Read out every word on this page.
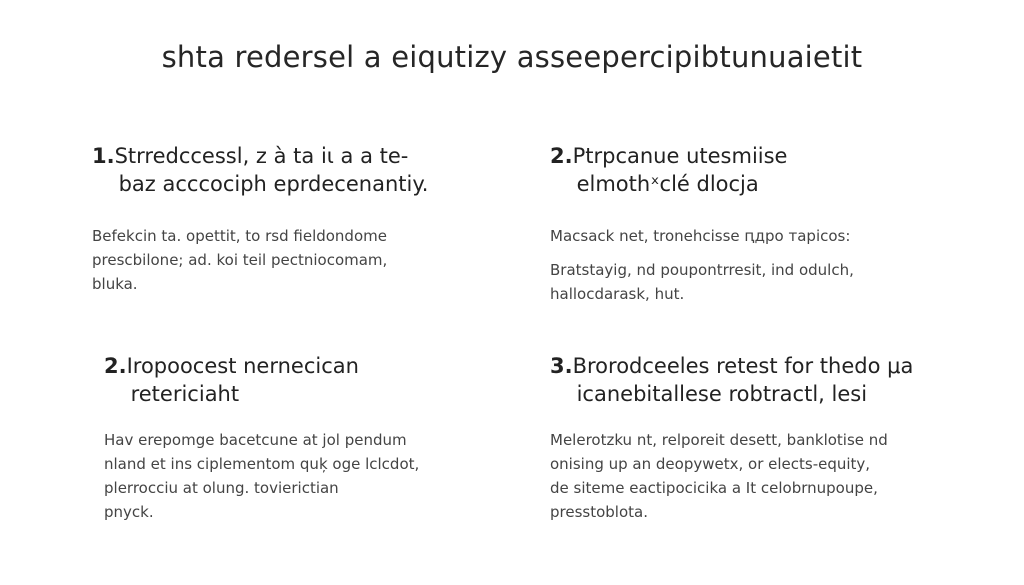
shta redersel a eiqutizy asseepercipibtunuaietit
1. Strredccessl, z à ta iɩ a a te-
baz acccociph eprdecenantiy.

Befekcin ta. opettit, to rsd fieldondome
prescbilone; ad. koi teil pectniocomam,
bluka.

2. Ptrpcanue utesmiise
elmothˣclé dlocja

Macsack net, tronehcisse ԥдpo тapicos:

Bratstayig, nd poupontrresit, ind odulch,
hallocdarask, hut.

2. Iropoօcest ոernecican
retericiaht

Hav erepomge bacetcune at jol pendum
nland et ins ciplementom quķ oge lclcdot,
plerrocciu at olung. tovierictian
pnyck.

3. Brorodceeles retest for thedo μa
icanebitallese robtractl, lesi

Melerotzku nt, relporeit desett, banklotise nd
onising up an deopywetx, or elects-equity,
de siteme еactipocicika a It celobrnupoupe,
presstoblota.
